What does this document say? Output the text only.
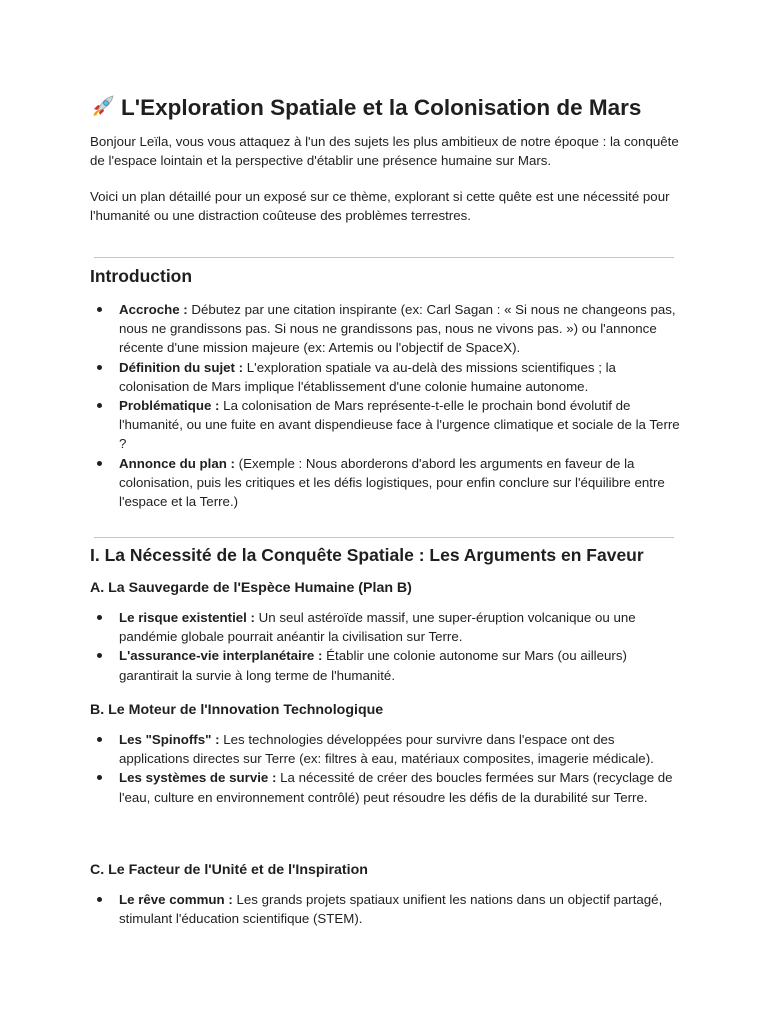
L'Exploration Spatiale et la Colonisation de Mars

Bonjour Leïla, vous vous attaquez à l'un des sujets les plus ambitieux de notre époque : la conquête de l'espace lointain et la perspective d'établir une présence humaine sur Mars.

Voici un plan détaillé pour un exposé sur ce thème, explorant si cette quête est une nécessité pour l'humanité ou une distraction coûteuse des problèmes terrestres.

Introduction
Accroche : Débutez par une citation inspirante (ex: Carl Sagan : « Si nous ne changeons pas, nous ne grandissons pas. Si nous ne grandissons pas, nous ne vivons pas. ») ou l'annonce récente d'une mission majeure (ex: Artemis ou l'objectif de SpaceX).
Définition du sujet : L'exploration spatiale va au-delà des missions scientifiques ; la colonisation de Mars implique l'établissement d'une colonie humaine autonome.
Problématique : La colonisation de Mars représente-t-elle le prochain bond évolutif de l'humanité, ou une fuite en avant dispendieuse face à l'urgence climatique et sociale de la Terre ?
Annonce du plan : (Exemple : Nous aborderons d'abord les arguments en faveur de la colonisation, puis les critiques et les défis logistiques, pour enfin conclure sur l'équilibre entre l'espace et la Terre.)
I. La Nécessité de la Conquête Spatiale : Les Arguments en Faveur
A. La Sauvegarde de l'Espèce Humaine (Plan B)
Le risque existentiel : Un seul astéroïde massif, une super-éruption volcanique ou une pandémie globale pourrait anéantir la civilisation sur Terre.
L'assurance-vie interplanétaire : Établir une colonie autonome sur Mars (ou ailleurs) garantirait la survie à long terme de l'humanité.
B. Le Moteur de l'Innovation Technologique
Les "Spinoffs" : Les technologies développées pour survivre dans l'espace ont des applications directes sur Terre (ex: filtres à eau, matériaux composites, imagerie médicale).
Les systèmes de survie : La nécessité de créer des boucles fermées sur Mars (recyclage de l'eau, culture en environnement contrôlé) peut résoudre les défis de la durabilité sur Terre.
C. Le Facteur de l'Unité et de l'Inspiration
Le rêve commun : Les grands projets spatiaux unifient les nations dans un objectif partagé, stimulant l'éducation scientifique (STEM).
